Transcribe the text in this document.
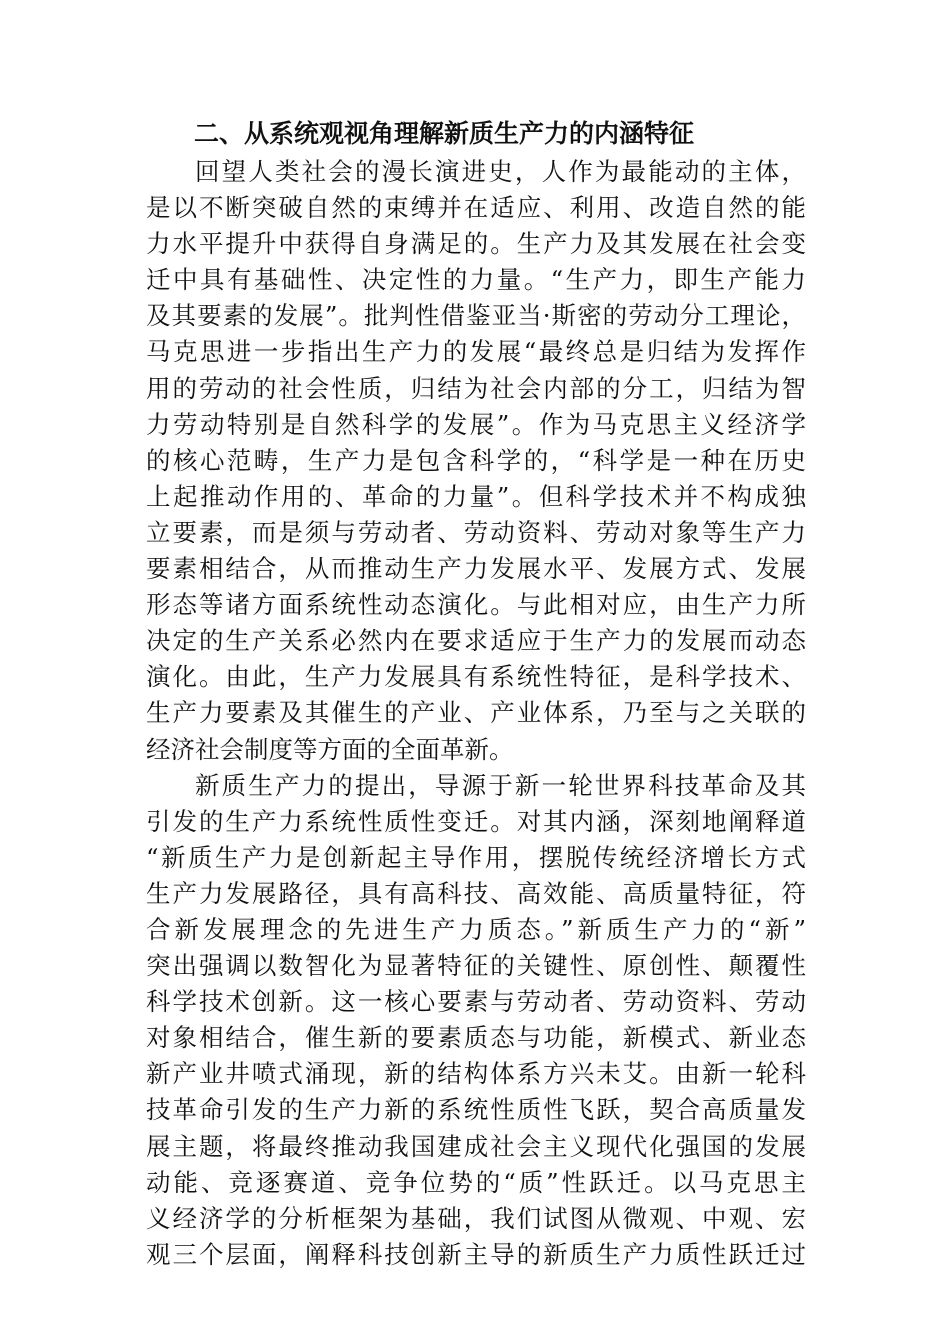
二、从系统观视角理解新质生产力的内涵特征
回望人类社会的漫长演进史，人作为最能动的主体，
是以不断突破自然的束缚并在适应、利用、改造自然的能
力水平提升中获得自身满足的。生产力及其发展在社会变
迁中具有基础性、决定性的力量。“生产力，即生产能力
及其要素的发展”。批判性借鉴亚当·斯密的劳动分工理论，
马克思进一步指出生产力的发展“最终总是归结为发挥作
用的劳动的社会性质，归结为社会内部的分工，归结为智
力劳动特别是自然科学的发展”。作为马克思主义经济学
的核心范畴，生产力是包含科学的，“科学是一种在历史
上起推动作用的、革命的力量”。但科学技术并不构成独
立要素，而是须与劳动者、劳动资料、劳动对象等生产力
要素相结合，从而推动生产力发展水平、发展方式、发展
形态等诸方面系统性动态演化。与此相对应，由生产力所
决定的生产关系必然内在要求适应于生产力的发展而动态
演化。由此，生产力发展具有系统性特征，是科学技术、
生产力要素及其催生的产业、产业体系，乃至与之关联的
经济社会制度等方面的全面革新。
新质生产力的提出，导源于新一轮世界科技革命及其
引发的生产力系统性质性变迁。对其内涵，深刻地阐释道
“新质生产力是创新起主导作用，摆脱传统经济增长方式
生产力发展路径，具有高科技、高效能、高质量特征，符
合新发展理念的先进生产力质态。”新质生产力的“新”
突出强调以数智化为显著特征的关键性、原创性、颠覆性
科学技术创新。这一核心要素与劳动者、劳动资料、劳动
对象相结合，催生新的要素质态与功能，新模式、新业态
新产业井喷式涌现，新的结构体系方兴未艾。由新一轮科
技革命引发的生产力新的系统性质性飞跃，契合高质量发
展主题，将最终推动我国建成社会主义现代化强国的发展
动能、竞逐赛道、竞争位势的“质”性跃迁。以马克思主
义经济学的分析框架为基础，我们试图从微观、中观、宏
观三个层面，阐释科技创新主导的新质生产力质性跃迁过
